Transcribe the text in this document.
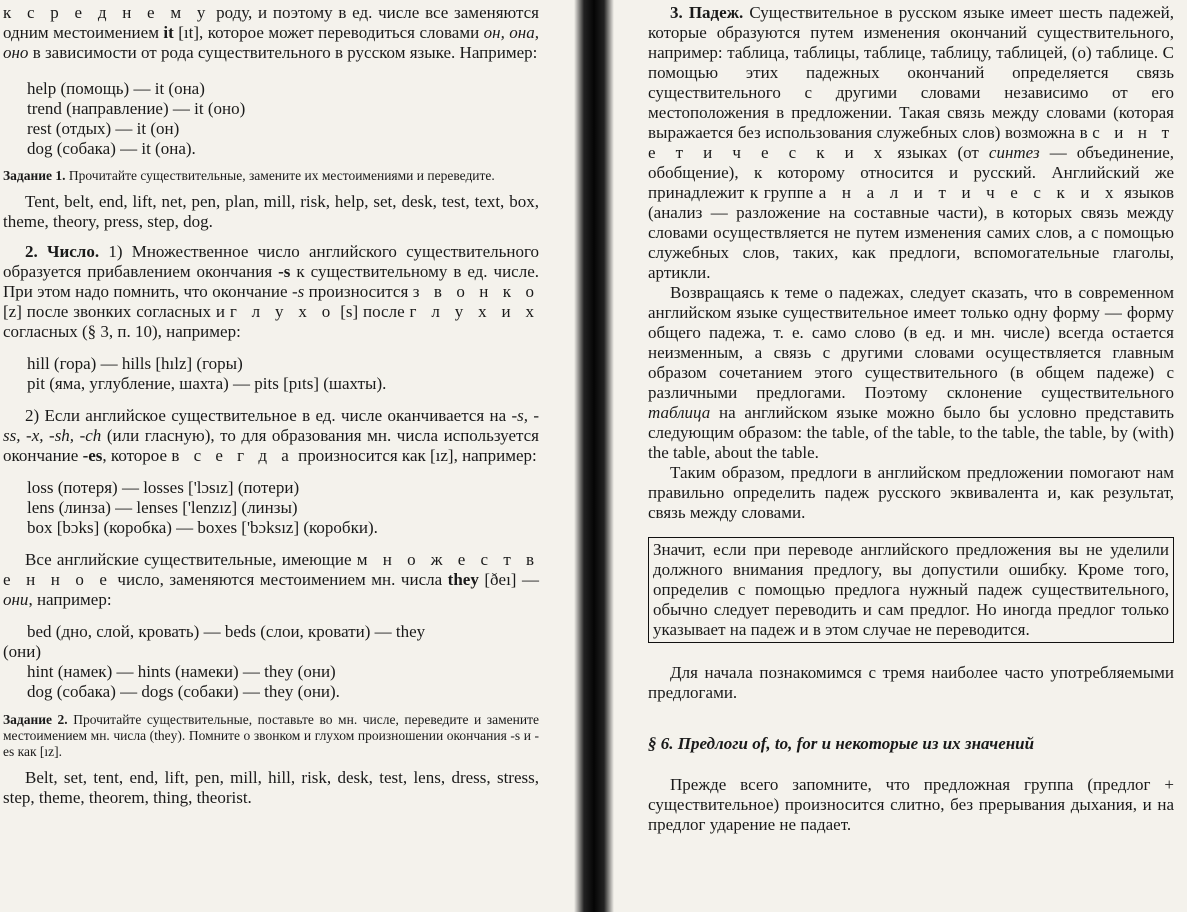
к с р е д н е м у роду, и поэтому в ед. числе все заменяются одним местоимением it [ıt], которое может переводиться словами он, она, оно в зависимости от рода существительного в русском языке. Например:

help (помощь) — it (она)

trend (направление) — it (оно)

rest (отдых) — it (он)

dog (собака) — it (она).

Задание 1. Прочитайте существительные, замените их местоимениями и переведите.

Tent, belt, end, lift, net, pen, plan, mill, risk, help, set, desk, test, text, box, theme, theory, press, step, dog.

2. Число. 1) Множественное число английского существительного образуется прибавлением окончания -s к существительному в ед. числе. При этом надо помнить, что окончание -s произносится з в о н к о [z] после звонких согласных и г л у х о [s] после г л у х и х согласных (§ 3, п. 10), например:

hill (гора) — hills [hılz] (горы)

pit (яма, углубление, шахта) — pits [pıts] (шахты).

2) Если английское существительное в ед. числе оканчивается на -s, -ss, -x, -sh, -ch (или гласную), то для образования мн. числа используется окончание -es, которое в с е г д а произносится как [ız], например:

loss (потеря) — losses ['lɔsız] (потери)

lens (линза) — lenses ['lenzız] (линзы)

box [bɔks] (коробка) — boxes ['bɔksız] (коробки).

Все английские существительные, имеющие м н о ж е с т в е н н о е число, заменяются местоимением мн. числа they [ðeı] — они, например:

bed (дно, слой, кровать) — beds (слои, кровати) — they

(они)

hint (намек) — hints (намеки) — they (они)

dog (собака) — dogs (собаки) — they (они).

Задание 2. Прочитайте существительные, поставьте во мн. числе, переведите и замените местоимением мн. числа (they). Помните о звонком и глухом произношении окончания -s и -es как [ız].

Belt, set, tent, end, lift, pen, mill, hill, risk, desk, test, lens, dress, stress, step, theme, theorem, thing, theorist.

3. Падеж. Существительное в русском языке имеет шесть падежей, которые образуются путем изменения окончаний существительного, например: таблица, таблицы, таблице, таблицу, таблицей, (о) таблице. С помощью этих падежных окончаний определяется связь существительного с другими словами независимо от его местоположения в предложении. Такая связь между словами (которая выражается без использования служебных слов) возможна в с и н т е т и ч е с к и х языках (от синтез — объединение, обобщение), к которому относится и русский. Английский же принадлежит к группе а н а л и т и ч е с к и х языков (анализ — разложение на составные части), в которых связь между словами осуществляется не путем изменения самих слов, а с помощью служебных слов, таких, как предлоги, вспомогательные глаголы, артикли.

Возвращаясь к теме о падежах, следует сказать, что в современном английском языке существительное имеет только одну форму — форму общего падежа, т. е. само слово (в ед. и мн. числе) всегда остается неизменным, а связь с другими словами осуществляется главным образом сочетанием этого существительного (в общем падеже) с различными предлогами. Поэтому склонение существительного таблица на английском языке можно было бы условно представить следующим образом: the table, of the table, to the table, the table, by (with) the table, about the table.

Таким образом, предлоги в английском предложении помогают нам правильно определить падеж русского эквивалента и, как результат, связь между словами.

Значит, если при переводе английского предложения вы не уделили должного внимания предлогу, вы допустили ошибку. Кроме того, определив с помощью предлога нужный падеж существительного, обычно следует переводить и сам предлог. Но иногда предлог только указывает на падеж и в этом случае не переводится.

Для начала познакомимся с тремя наиболее часто употребляемыми предлогами.

§ 6. Предлоги of, to, for и некоторые из их значений

Прежде всего запомните, что предложная группа (предлог + существительное) произносится слитно, без прерывания дыхания, и на предлог ударение не падает.
